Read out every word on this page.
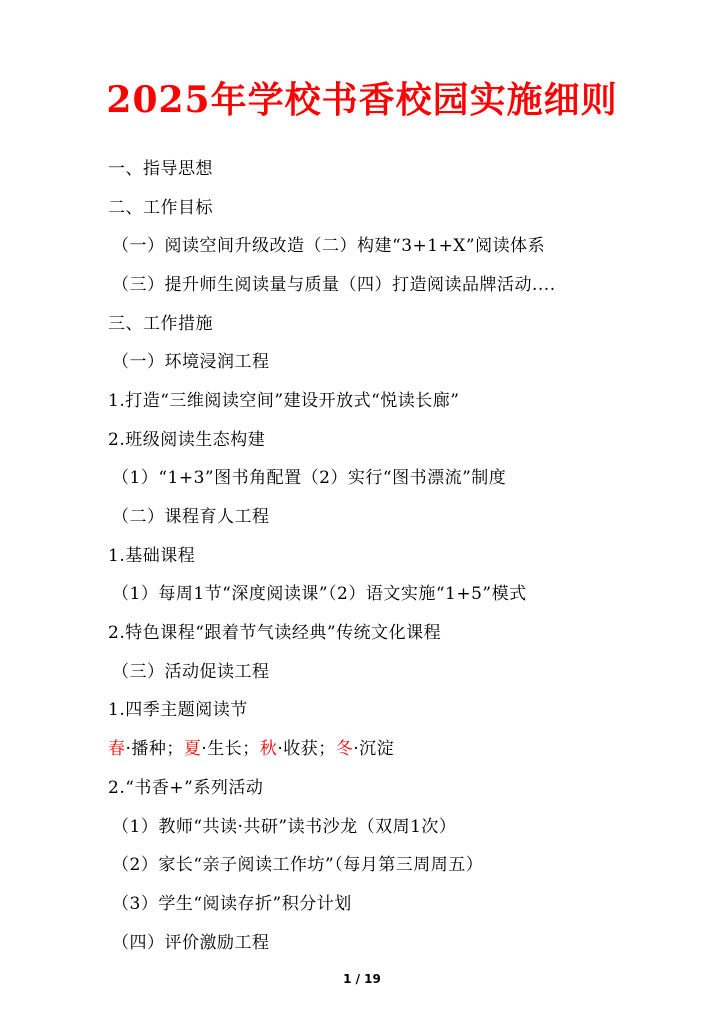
2025年学校书香校园实施细则
一、指导思想
二、工作目标
（一）阅读空间升级改造（二）构建“3+1+X”阅读体系
（三）提升师生阅读量与质量（四）打造阅读品牌活动....
三、工作措施
（一）环境浸润工程
1.打造“三维阅读空间”建设开放式“悦读长廊”
2.班级阅读生态构建
（1）“1+3”图书角配置（2）实行“图书漂流”制度
（二）课程育人工程
1.基础课程
（1）每周1节“深度阅读课”（2）语文实施“1+5”模式
2.特色课程“跟着节气读经典”传统文化课程
（三）活动促读工程
1.四季主题阅读节
春·播种；夏·生长；秋·收获；冬·沉淀
2.“书香+”系列活动
（1）教师“共读·共研”读书沙龙（双周1次）
（2）家长“亲子阅读工作坊”（每月第三周周五）
（3）学生“阅读存折”积分计划
（四）评价激励工程
1 / 19
